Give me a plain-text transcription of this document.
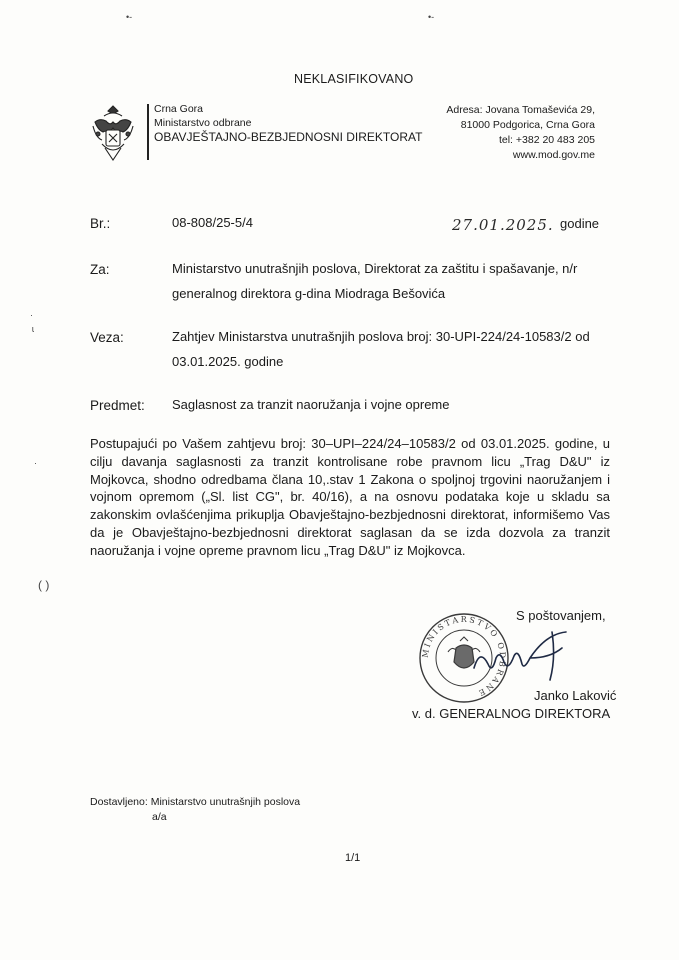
NEKLASIFIKOVANO
•-	•-
Crna Gora
Ministarstvo odbrane
OBAVJEŠTAJNO-BEZBJEDNOSNI DIREKTORAT
Adresa: Jovana Tomaševića 29,
81000 Podgorica, Crna Gora
tel: +382 20 483 205
www.mod.gov.me
Br.:	08-808/25-5/4	27.01.2025. godine
Za:	Ministarstvo unutrašnjih poslova, Direktorat za zaštitu i spašavanje, n/r
generalnog direktora g-dina Miodraga Bešovića
·
ɩ
Veza:	Zahtjev Ministarstva unutrašnjih poslova broj: 30-UPI-224/24-10583/2 od
03.01.2025. godine
Predmet: Saglasnost za tranzit naoružanja i vojne opreme
Postupajući po Vašem zahtjevu broj: 30–UPI–224/24–10583/2 od 03.01.2025. godine, u cilju davanja saglasnosti za tranzit kontrolisane robe pravnom licu „Trag D&U" iz Mojkovca, shodno odredbama člana 10,.stav 1 Zakona o spoljnoj trgovini naoružanjem i vojnom opremom („Sl. list CG", br. 40/16), a na osnovu podataka koje u skladu sa zakonskim ovlašćenjima prikuplja Obavještajno-bezbjednosni direktorat, informišemo Vas da je Obavještajno-bezbjednosni direktorat saglasan da se izda dozvola za tranzit naoružanja i vojne opreme pravnom licu „Trag D&U" iz Mojkovca.
·
( )
S poštovanjem,
MINISTARSTVO ODBRANE	Janko Laković
v. d. GENERALNOG DIREKTORA
Dostavljeno: Ministarstvo unutrašnjih poslova
a/a
1/1
